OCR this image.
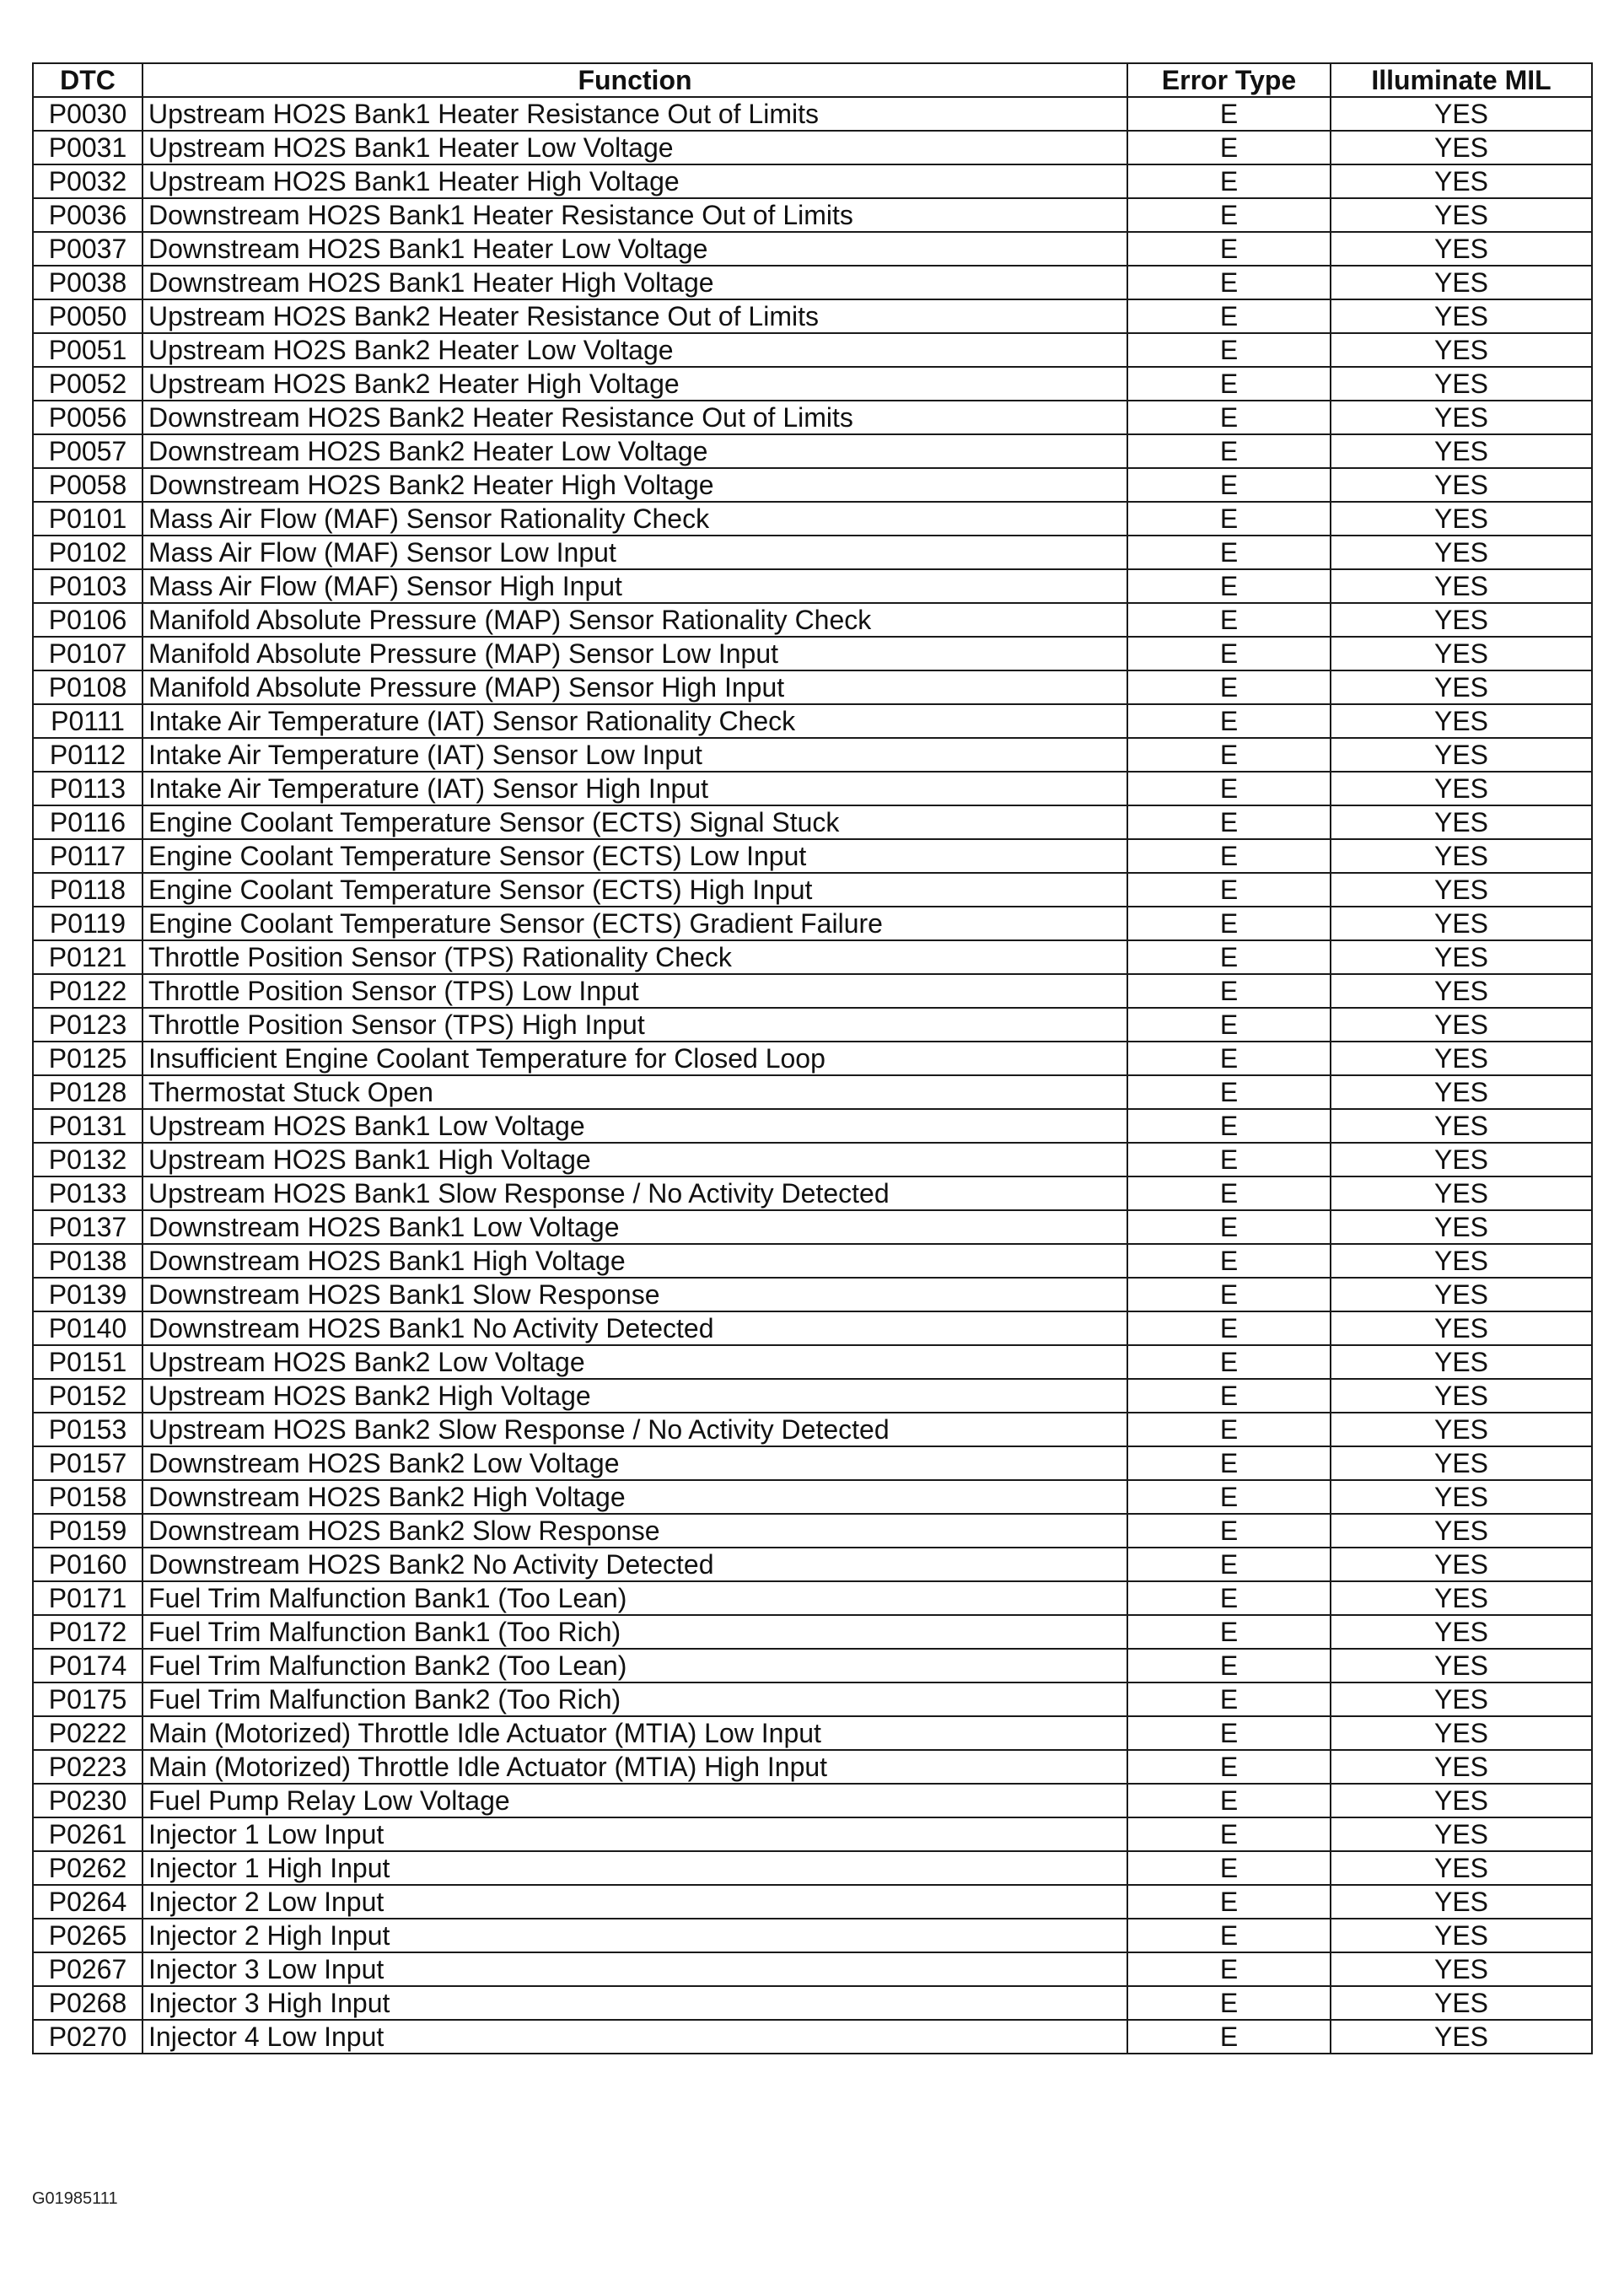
DTC	Function	Error Type	Illuminate MIL
P0030	Upstream HO2S Bank1 Heater Resistance Out of Limits	E	YES
P0031	Upstream HO2S Bank1 Heater Low Voltage	E	YES
P0032	Upstream HO2S Bank1 Heater High Voltage	E	YES
P0036	Downstream HO2S Bank1 Heater Resistance Out of Limits	E	YES
P0037	Downstream HO2S Bank1 Heater Low Voltage	E	YES
P0038	Downstream HO2S Bank1 Heater High Voltage	E	YES
P0050	Upstream HO2S Bank2 Heater Resistance Out of Limits	E	YES
P0051	Upstream HO2S Bank2 Heater Low Voltage	E	YES
P0052	Upstream HO2S Bank2 Heater High Voltage	E	YES
P0056	Downstream HO2S Bank2 Heater Resistance Out of Limits	E	YES
P0057	Downstream HO2S Bank2 Heater Low Voltage	E	YES
P0058	Downstream HO2S Bank2 Heater High Voltage	E	YES
P0101	Mass Air Flow (MAF) Sensor Rationality Check	E	YES
P0102	Mass Air Flow (MAF) Sensor Low Input	E	YES
P0103	Mass Air Flow (MAF) Sensor High Input	E	YES
P0106	Manifold Absolute Pressure (MAP) Sensor Rationality Check	E	YES
P0107	Manifold Absolute Pressure (MAP) Sensor Low Input	E	YES
P0108	Manifold Absolute Pressure (MAP) Sensor High Input	E	YES
P0111	Intake Air Temperature (IAT) Sensor Rationality Check	E	YES
P0112	Intake Air Temperature (IAT) Sensor Low Input	E	YES
P0113	Intake Air Temperature (IAT) Sensor High Input	E	YES
P0116	Engine Coolant Temperature Sensor (ECTS) Signal Stuck	E	YES
P0117	Engine Coolant Temperature Sensor (ECTS) Low Input	E	YES
P0118	Engine Coolant Temperature Sensor (ECTS) High Input	E	YES
P0119	Engine Coolant Temperature Sensor (ECTS) Gradient Failure	E	YES
P0121	Throttle Position Sensor (TPS) Rationality Check	E	YES
P0122	Throttle Position Sensor (TPS) Low Input	E	YES
P0123	Throttle Position Sensor (TPS) High Input	E	YES
P0125	Insufficient Engine Coolant Temperature for Closed Loop	E	YES
P0128	Thermostat Stuck Open	E	YES
P0131	Upstream HO2S Bank1 Low Voltage	E	YES
P0132	Upstream HO2S Bank1 High Voltage	E	YES
P0133	Upstream HO2S Bank1 Slow Response / No Activity Detected	E	YES
P0137	Downstream HO2S Bank1 Low Voltage	E	YES
P0138	Downstream HO2S Bank1 High Voltage	E	YES
P0139	Downstream HO2S Bank1 Slow Response	E	YES
P0140	Downstream HO2S Bank1 No Activity Detected	E	YES
P0151	Upstream HO2S Bank2 Low Voltage	E	YES
P0152	Upstream HO2S Bank2 High Voltage	E	YES
P0153	Upstream HO2S Bank2 Slow Response / No Activity Detected	E	YES
P0157	Downstream HO2S Bank2 Low Voltage	E	YES
P0158	Downstream HO2S Bank2 High Voltage	E	YES
P0159	Downstream HO2S Bank2 Slow Response	E	YES
P0160	Downstream HO2S Bank2 No Activity Detected	E	YES
P0171	Fuel Trim Malfunction Bank1 (Too Lean)	E	YES
P0172	Fuel Trim Malfunction Bank1 (Too Rich)	E	YES
P0174	Fuel Trim Malfunction Bank2 (Too Lean)	E	YES
P0175	Fuel Trim Malfunction Bank2 (Too Rich)	E	YES
P0222	Main (Motorized) Throttle Idle Actuator (MTIA) Low Input	E	YES
P0223	Main (Motorized) Throttle Idle Actuator (MTIA) High Input	E	YES
P0230	Fuel Pump Relay Low Voltage	E	YES
P0261	Injector 1 Low Input	E	YES
P0262	Injector 1 High Input	E	YES
P0264	Injector 2 Low Input	E	YES
P0265	Injector 2 High Input	E	YES
P0267	Injector 3 Low Input	E	YES
P0268	Injector 3 High Input	E	YES
P0270	Injector 4 Low Input	E	YES
G01985111
